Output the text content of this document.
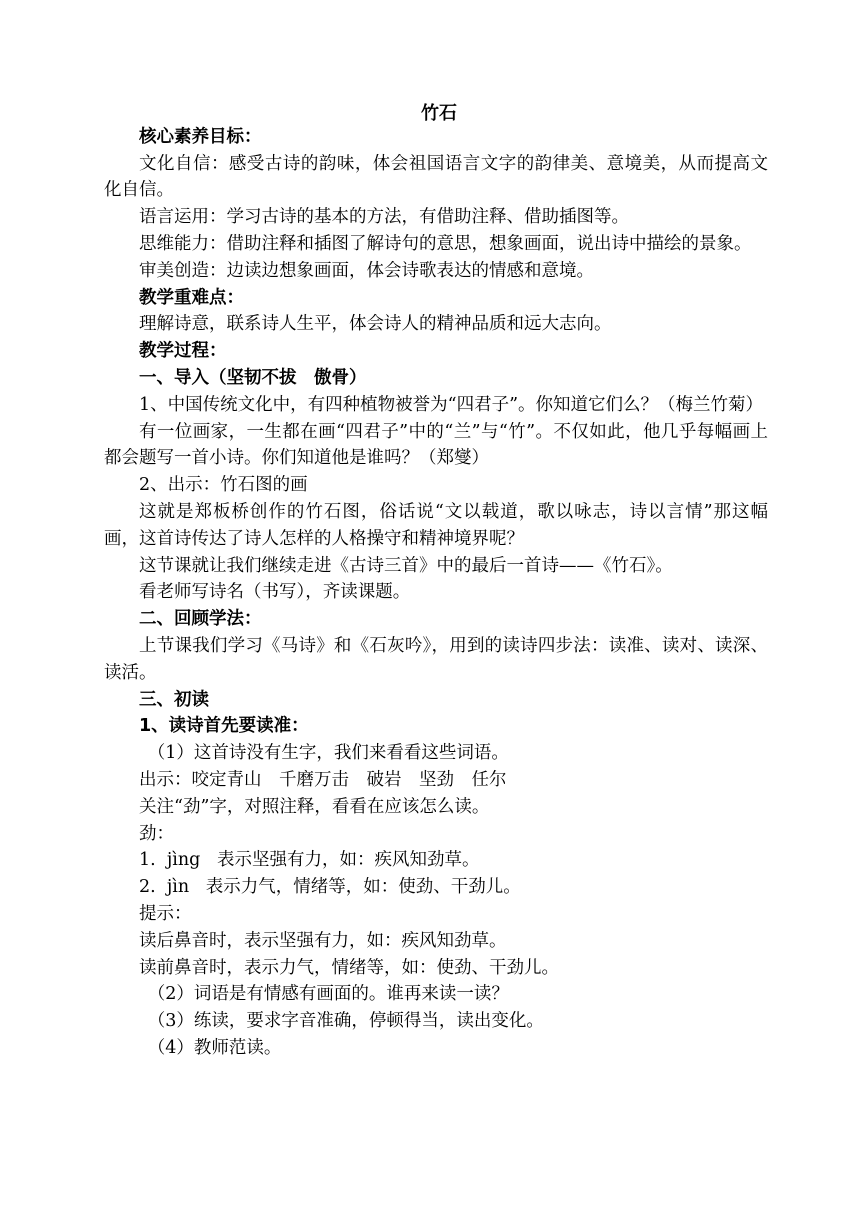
竹石
核心素养目标：

文化自信：感受古诗的韵味，体会祖国语言文字的韵律美、意境美，从而提高文化自信。

语言运用：学习古诗的基本的方法，有借助注释、借助插图等。

思维能力：借助注释和插图了解诗句的意思，想象画面，说出诗中描绘的景象。

审美创造：边读边想象画面，体会诗歌表达的情感和意境。

教学重难点：

理解诗意，联系诗人生平，体会诗人的精神品质和远大志向。

教学过程：
一、导入（坚韧不拔　傲骨）

1、中国传统文化中，有四种植物被誉为“四君子”。你知道它们么？（梅兰竹菊）

有一位画家，一生都在画“四君子”中的“兰”与“竹”。不仅如此，他几乎每幅画上都会题写一首小诗。你们知道他是谁吗？（郑燮）

2、出示：竹石图的画

这就是郑板桥创作的竹石图，俗话说“文以载道，歌以咏志，诗以言情”那这幅画，这首诗传达了诗人怎样的人格操守和精神境界呢？

这节课就让我们继续走进《古诗三首》中的最后一首诗——《竹石》。

看老师写诗名（书写），齐读课题。

二、回顾学法：

上节课我们学习《马诗》和《石灰吟》，用到的读诗四步法：读准、读对、读深、读活。

三、初读
1、读诗首先要读准：

（1）这首诗没有生字，我们来看看这些词语。

出示：咬定青山　千磨万击　破岩　坚劲　任尔

关注“劲”字，对照注释，看看在应该怎么读。

劲：

1.  jìng   表示坚强有力，如：疾风知劲草。

2.  jìn   表示力气，情绪等，如：使劲、干劲儿。

提示：

读后鼻音时，表示坚强有力，如：疾风知劲草。

读前鼻音时，表示力气，情绪等，如：使劲、干劲儿。

（2）词语是有情感有画面的。谁再来读一读？

（3）练读，要求字音准确，停顿得当，读出变化。

（4）教师范读。
